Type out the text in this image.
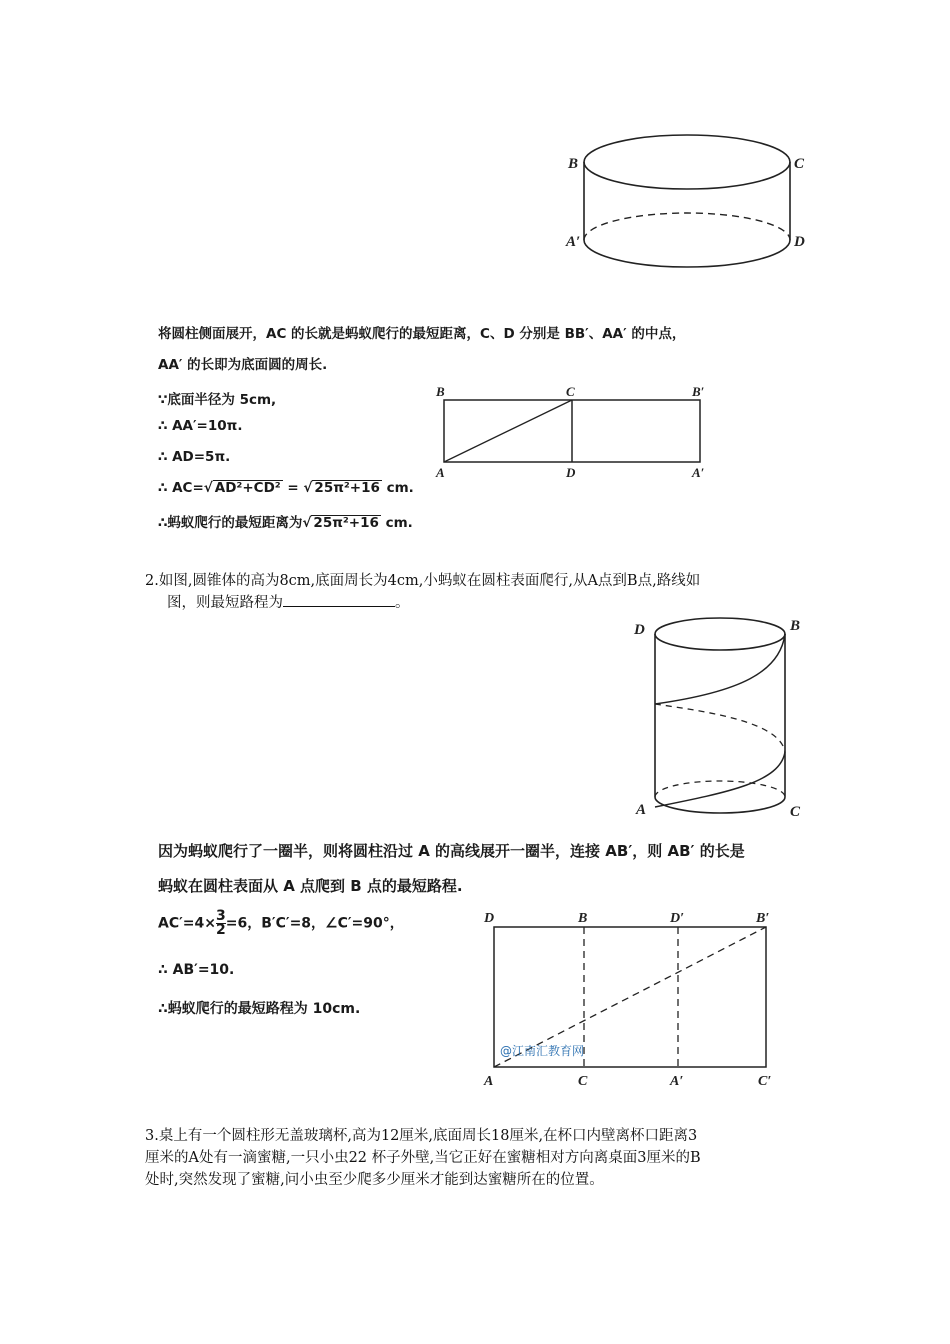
B	C
A′	D
将圆柱侧面展开，AC 的长就是蚂蚁爬行的最短距离，C、D 分别是 BB′、AA′ 的中点，
AA′ 的长即为底面圆的周长.
∵底面半径为 5cm,
∴ AA′=10π.
∴ AD=5π.
∴ AC=√ AD²+CD² = √ 25π²+16 cm.
∴蚂蚁爬行的最短距离为√ 25π²+16 cm.
B	C	B′
A	D	A′
2.如图,圆锥体的高为8cm,底面周长为4cm,小蚂蚁在圆柱表面爬行,从A点到B点,路线如
图，则最短路程为	。
D	B
A	C
因为蚂蚁爬行了一圈半，则将圆柱沿过 A 的高线展开一圈半，连接 AB′，则 AB′ 的长是
蚂蚁在圆柱表面从 A 点爬到 B 点的最短路程.
$AC'=4\times \frac{3}{2} =6$，B′C′=8，∠C′=90°，
∴ AB′=10.
∴蚂蚁爬行的最短路程为 10cm.
D	B	D′	B′
A	C	A′	C′
@江南汇教育网
3.桌上有一个圆柱形无盖玻璃杯,高为12厘米,底面周长18厘米,在杯口内壁离杯口距离3
厘米的A处有一滴蜜糖,一只小虫22 杯子外壁,当它正好在蜜糖相对方向离桌面3厘米的B
处时,突然发现了蜜糖,问小虫至少爬多少厘米才能到达蜜糖所在的位置。
